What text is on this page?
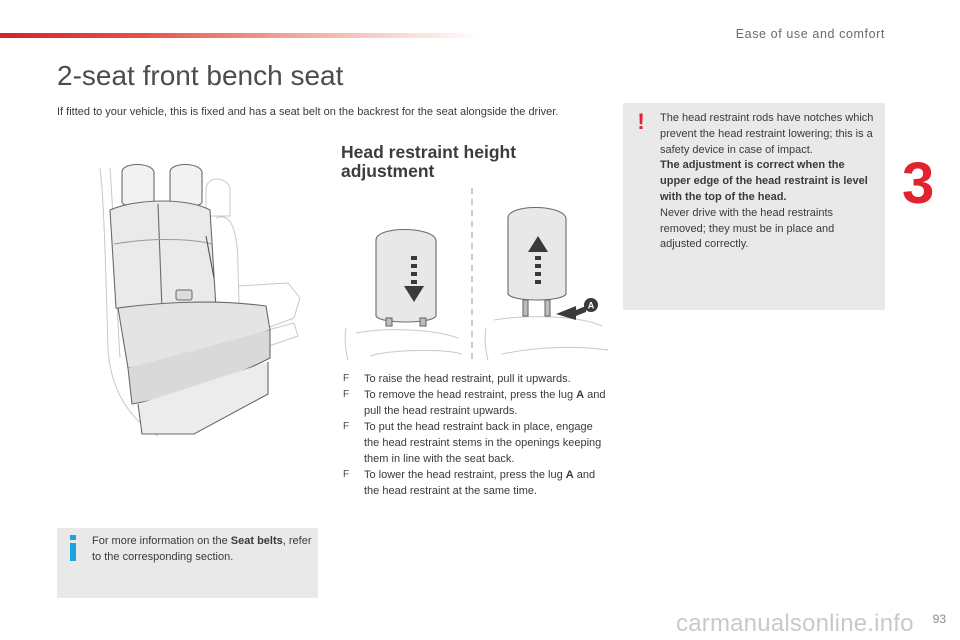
Ease of use and comfort
3
2-seat front bench seat

If fitted to your vehicle, this is fixed and has a seat belt on the backrest for the seat alongside the driver.

A
Head restraint height adjustment
F To raise the head restraint, pull it upwards.
F To remove the head restraint, press the lug A and pull the head restraint upwards.
F To put the head restraint back in place, engage the head restraint stems in the openings keeping them in line with the seat back.
F To lower the head restraint, press the lug A and the head restraint at the same time.
!	The head restraint rods have notches which prevent the head restraint lowering; this is a safety device in case of impact.
The adjustment is correct when the upper edge of the head restraint is level with the top of the head.
Never drive with the head restraints removed; they must be in place and adjusted correctly.
For more information on the Seat belts, refer to the corresponding section.
carmanualsonline.info 93
